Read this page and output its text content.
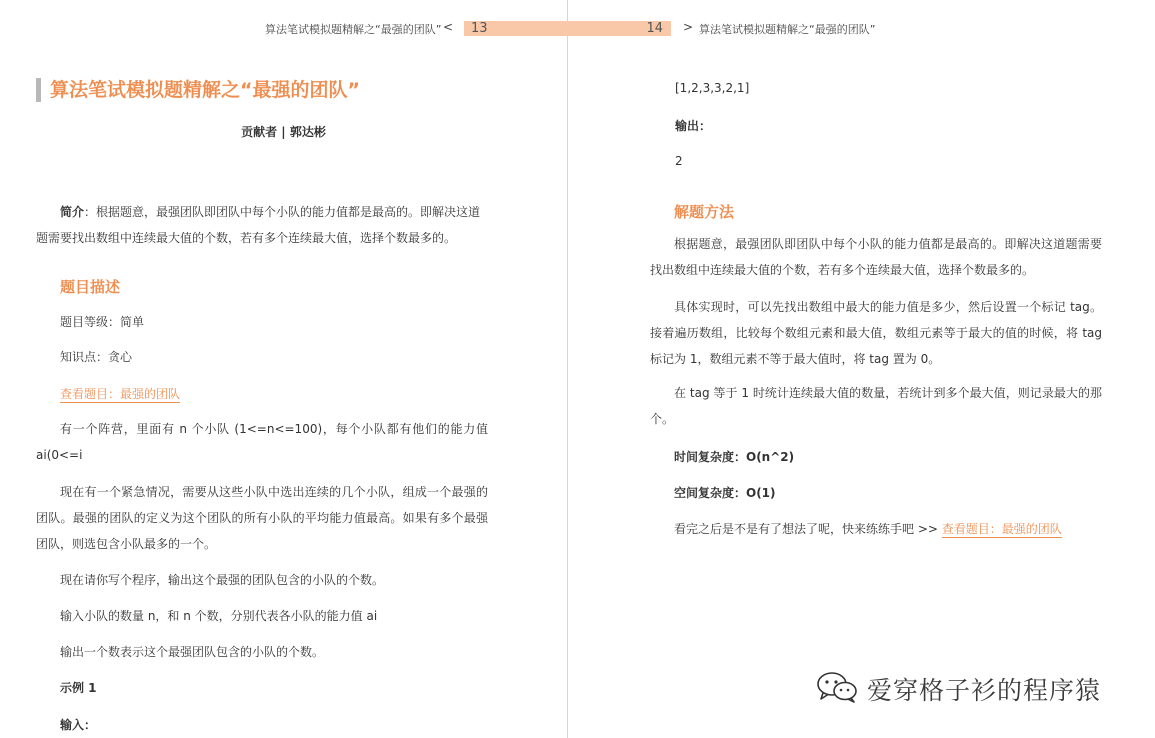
算法笔试模拟题精解之“最强的团队” <	13	14	> 算法笔试模拟题精解之“最强的团队”
算法笔试模拟题精解之“最强的团队”
贡献者 | 郭达彬
简介：根据题意，最强团队即团队中每个小队的能力值都是最高的。即解决这道题需要找出数组中连续最大值的个数，若有多个连续最大值，选择个数最多的。
题目描述
题目等级：简单
知识点：贪心
查看题目：最强的团队
有一个阵营，里面有 n 个小队 (1<=n<=100)，每个小队都有他们的能力值 ai(0<=i
现在有一个紧急情况，需要从这些小队中选出连续的几个小队，组成一个最强的团队。最强的团队的定义为这个团队的所有小队的平均能力值最高。如果有多个最强团队，则选包含小队最多的一个。
现在请你写个程序，输出这个最强的团队包含的小队的个数。
输入小队的数量 n，和 n 个数，分别代表各小队的能力值 ai
输出一个数表示这个最强团队包含的小队的个数。
示例 1
输入：
[1,2,3,3,2,1]
输出：
2
解题方法
根据题意，最强团队即团队中每个小队的能力值都是最高的。即解决这道题需要找出数组中连续最大值的个数，若有多个连续最大值，选择个数最多的。
具体实现时，可以先找出数组中最大的能力值是多少，然后设置一个标记 tag。接着遍历数组，比较每个数组元素和最大值，数组元素等于最大的值的时候，将 tag 标记为 1，数组元素不等于最大值时，将 tag 置为 0。
在 tag 等于 1 时统计连续最大值的数量，若统计到多个最大值，则记录最大的那个。
时间复杂度：O(n^2)
空间复杂度：O(1)
看完之后是不是有了想法了呢，快来练练手吧 >> 查看题目：最强的团队
爱穿格子衫的程序猿
